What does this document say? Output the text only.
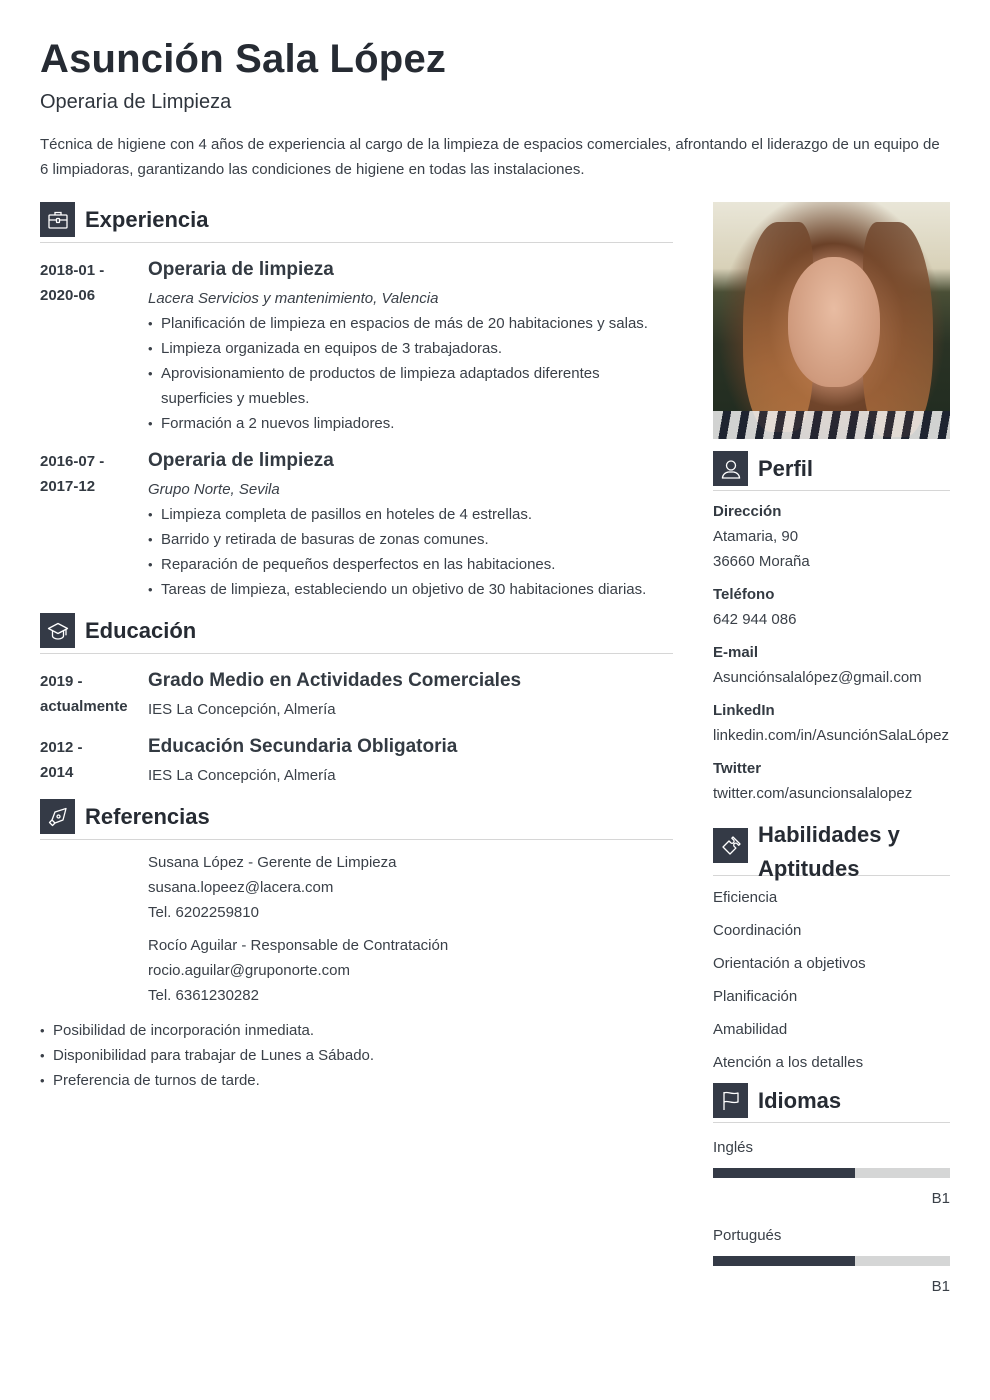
Asunción Sala López
Operaria de Limpieza

Técnica de higiene con 4 años de experiencia al cargo de la limpieza de espacios comerciales, afrontando el liderazgo de un equipo de 6 limpiadoras, garantizando las condiciones de higiene en todas las instalaciones.

Experiencia
2018-01 -
2020-06
Operaria de limpieza
Lacera Servicios y mantenimiento, Valencia
• Planificación de limpieza en espacios de más de 20 habitaciones y salas.
• Limpieza organizada en equipos de 3 trabajadoras.
• Aprovisionamiento de productos de limpieza adaptados diferentes superficies y muebles.
• Formación a 2 nuevos limpiadores.
2016-07 -
2017-12
Operaria de limpieza
Grupo Norte, Sevila
• Limpieza completa de pasillos en hoteles de 4 estrellas.
• Barrido y retirada de basuras de zonas comunes.
• Reparación de pequeños desperfectos en las habitaciones.
• Tareas de limpieza, estableciendo un objetivo de 30 habitaciones diarias.
Educación
2019 -
actualmente
Grado Medio en Actividades Comerciales
IES La Concepción, Almería
2012 -
2014
Educación Secundaria Obligatoria
IES La Concepción, Almería
Referencias
Susana López - Gerente de Limpieza
susana.lopeez@lacera.com
Tel. 6202259810
Rocío Aguilar - Responsable de Contratación
rocio.aguilar@gruponorte.com
Tel. 6361230282
• Posibilidad de incorporación inmediata.
• Disponibilidad para trabajar de Lunes a Sábado.
• Preferencia de turnos de tarde.
Perfil
Dirección
Atamaria, 90
36660 Moraña
Teléfono
642 944 086
E-mail
Asunciónsalalópez@gmail.com
LinkedIn
linkedin.com/in/AsunciónSalaLópez
Twitter
twitter.com/asuncionsalalopez
Habilidades y Aptitudes
Eficiencia
Coordinación
Orientación a objetivos
Planificación
Amabilidad
Atención a los detalles
Idiomas
Inglés
B1
Portugués
B1
